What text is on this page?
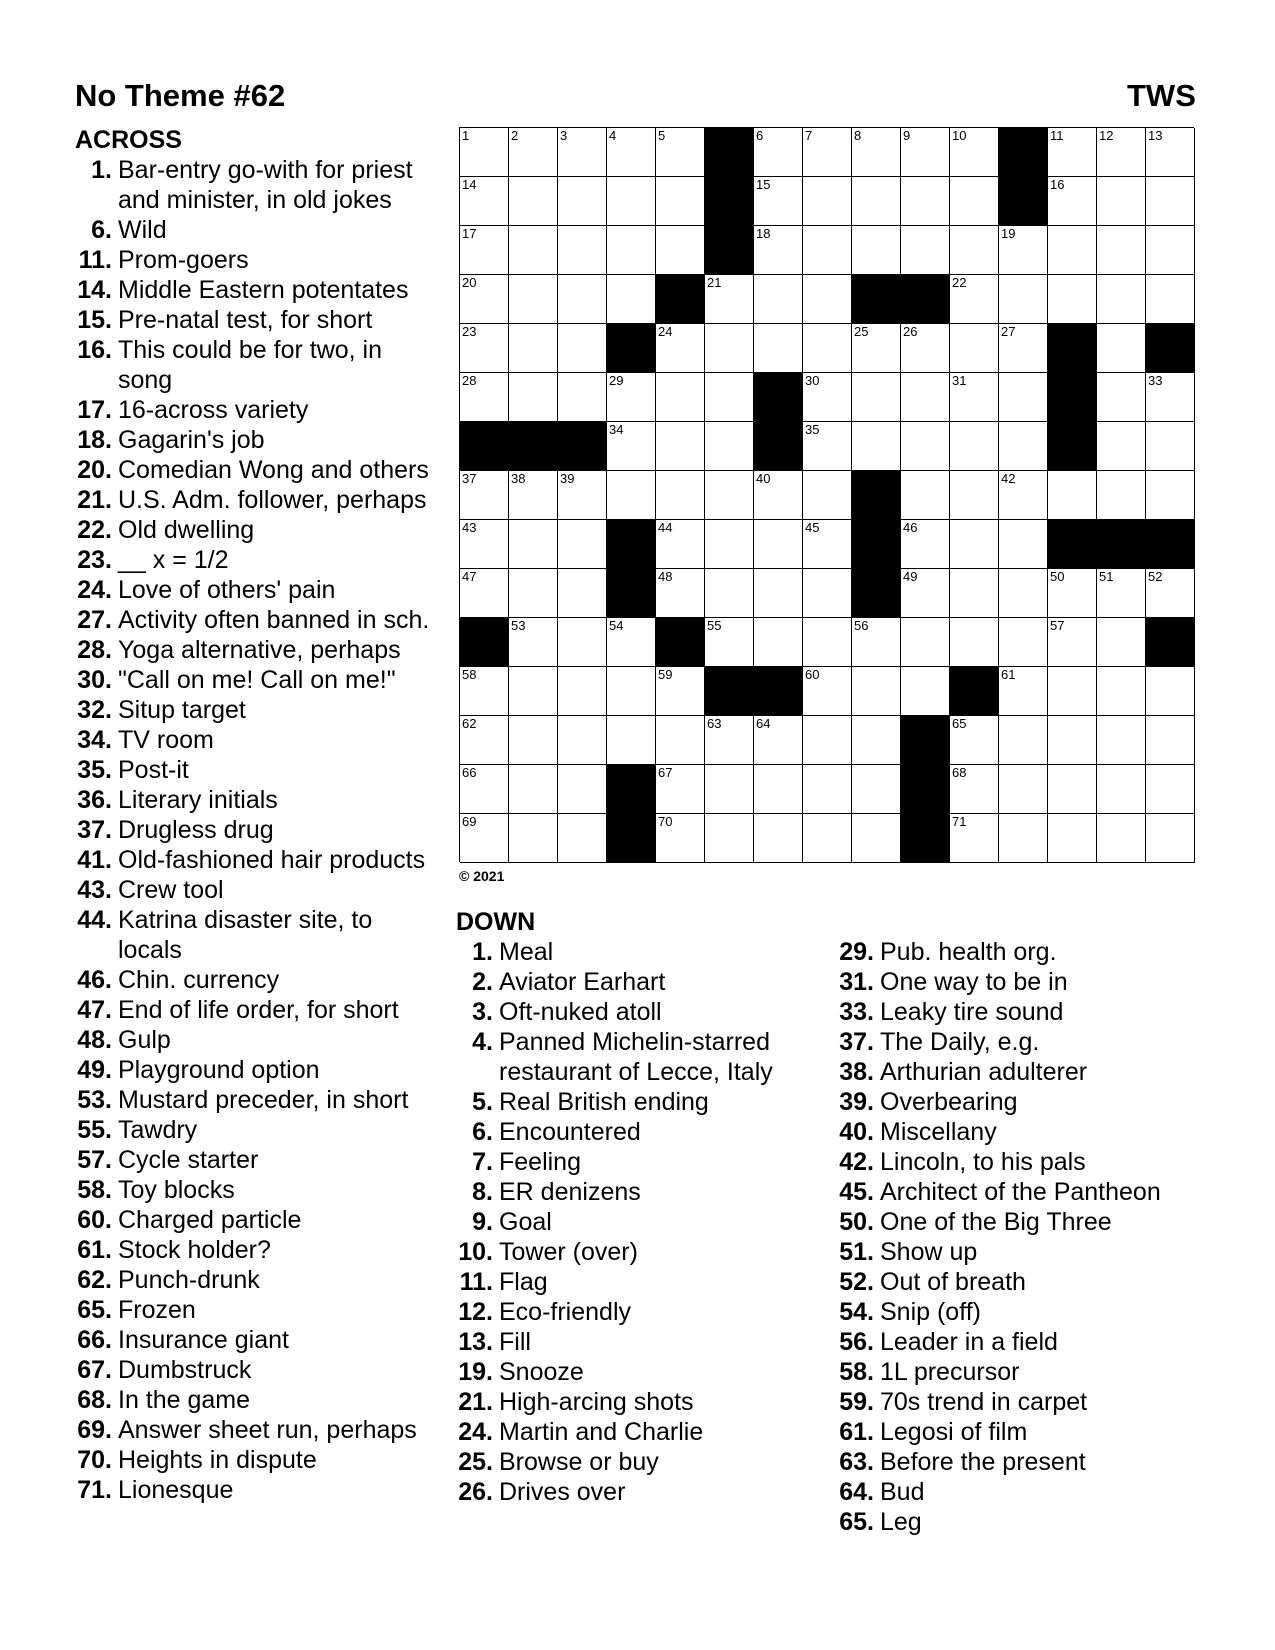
No Theme #62	TWS
ACROSS
1. Bar-entry go-with for priest
and minister, in old jokes
6. Wild
11. Prom-goers
14. Middle Eastern potentates
15. Pre-natal test, for short
16. This could be for two, in
song
17. 16-across variety
18. Gagarin's job
20. Comedian Wong and others
21. U.S. Adm. follower, perhaps
22. Old dwelling
23. __ x = 1/2
24. Love of others' pain
27. Activity often banned in sch.
28. Yoga alternative, perhaps
30. "Call on me! Call on me!"
32. Situp target
34. TV room
35. Post-it
36. Literary initials
37. Drugless drug
41. Old-fashioned hair products
43. Crew tool
44. Katrina disaster site, to
locals
46. Chin. currency
47. End of life order, for short
48. Gulp
49. Playground option
53. Mustard preceder, in short
55. Tawdry
57. Cycle starter
58. Toy blocks
60. Charged particle
61. Stock holder?
62. Punch-drunk
65. Frozen
66. Insurance giant
67. Dumbstruck
68. In the game
69. Answer sheet run, perhaps
70. Heights in dispute
71. Lionesque
1	2	3	4	5	6	7	8	9	10	11	12	13
14	15	16
17	18	19
20	21	22
23	24	25	26	27
28	29	30	31	33
34	35
37	38	39	40	42
43	44	45	46
47	48	49	50	51	52
53	54	55	56	57
58	59	60	61
62	63	64	65
66	67	68
69	70	71
© 2021
DOWN
1. Meal
2. Aviator Earhart
3. Oft-nuked atoll
4. Panned Michelin-starred
restaurant of Lecce, Italy
5. Real British ending
6. Encountered
7. Feeling
8. ER denizens
9. Goal
10. Tower (over)
11. Flag
12. Eco-friendly
13. Fill
19. Snooze
21. High-arcing shots
24. Martin and Charlie
25. Browse or buy
26. Drives over
29. Pub. health org.
31. One way to be in
33. Leaky tire sound
37. The Daily, e.g.
38. Arthurian adulterer
39. Overbearing
40. Miscellany
42. Lincoln, to his pals
45. Architect of the Pantheon
50. One of the Big Three
51. Show up
52. Out of breath
54. Snip (off)
56. Leader in a field
58. 1L precursor
59. 70s trend in carpet
61. Legosi of film
63. Before the present
64. Bud
65. Leg
